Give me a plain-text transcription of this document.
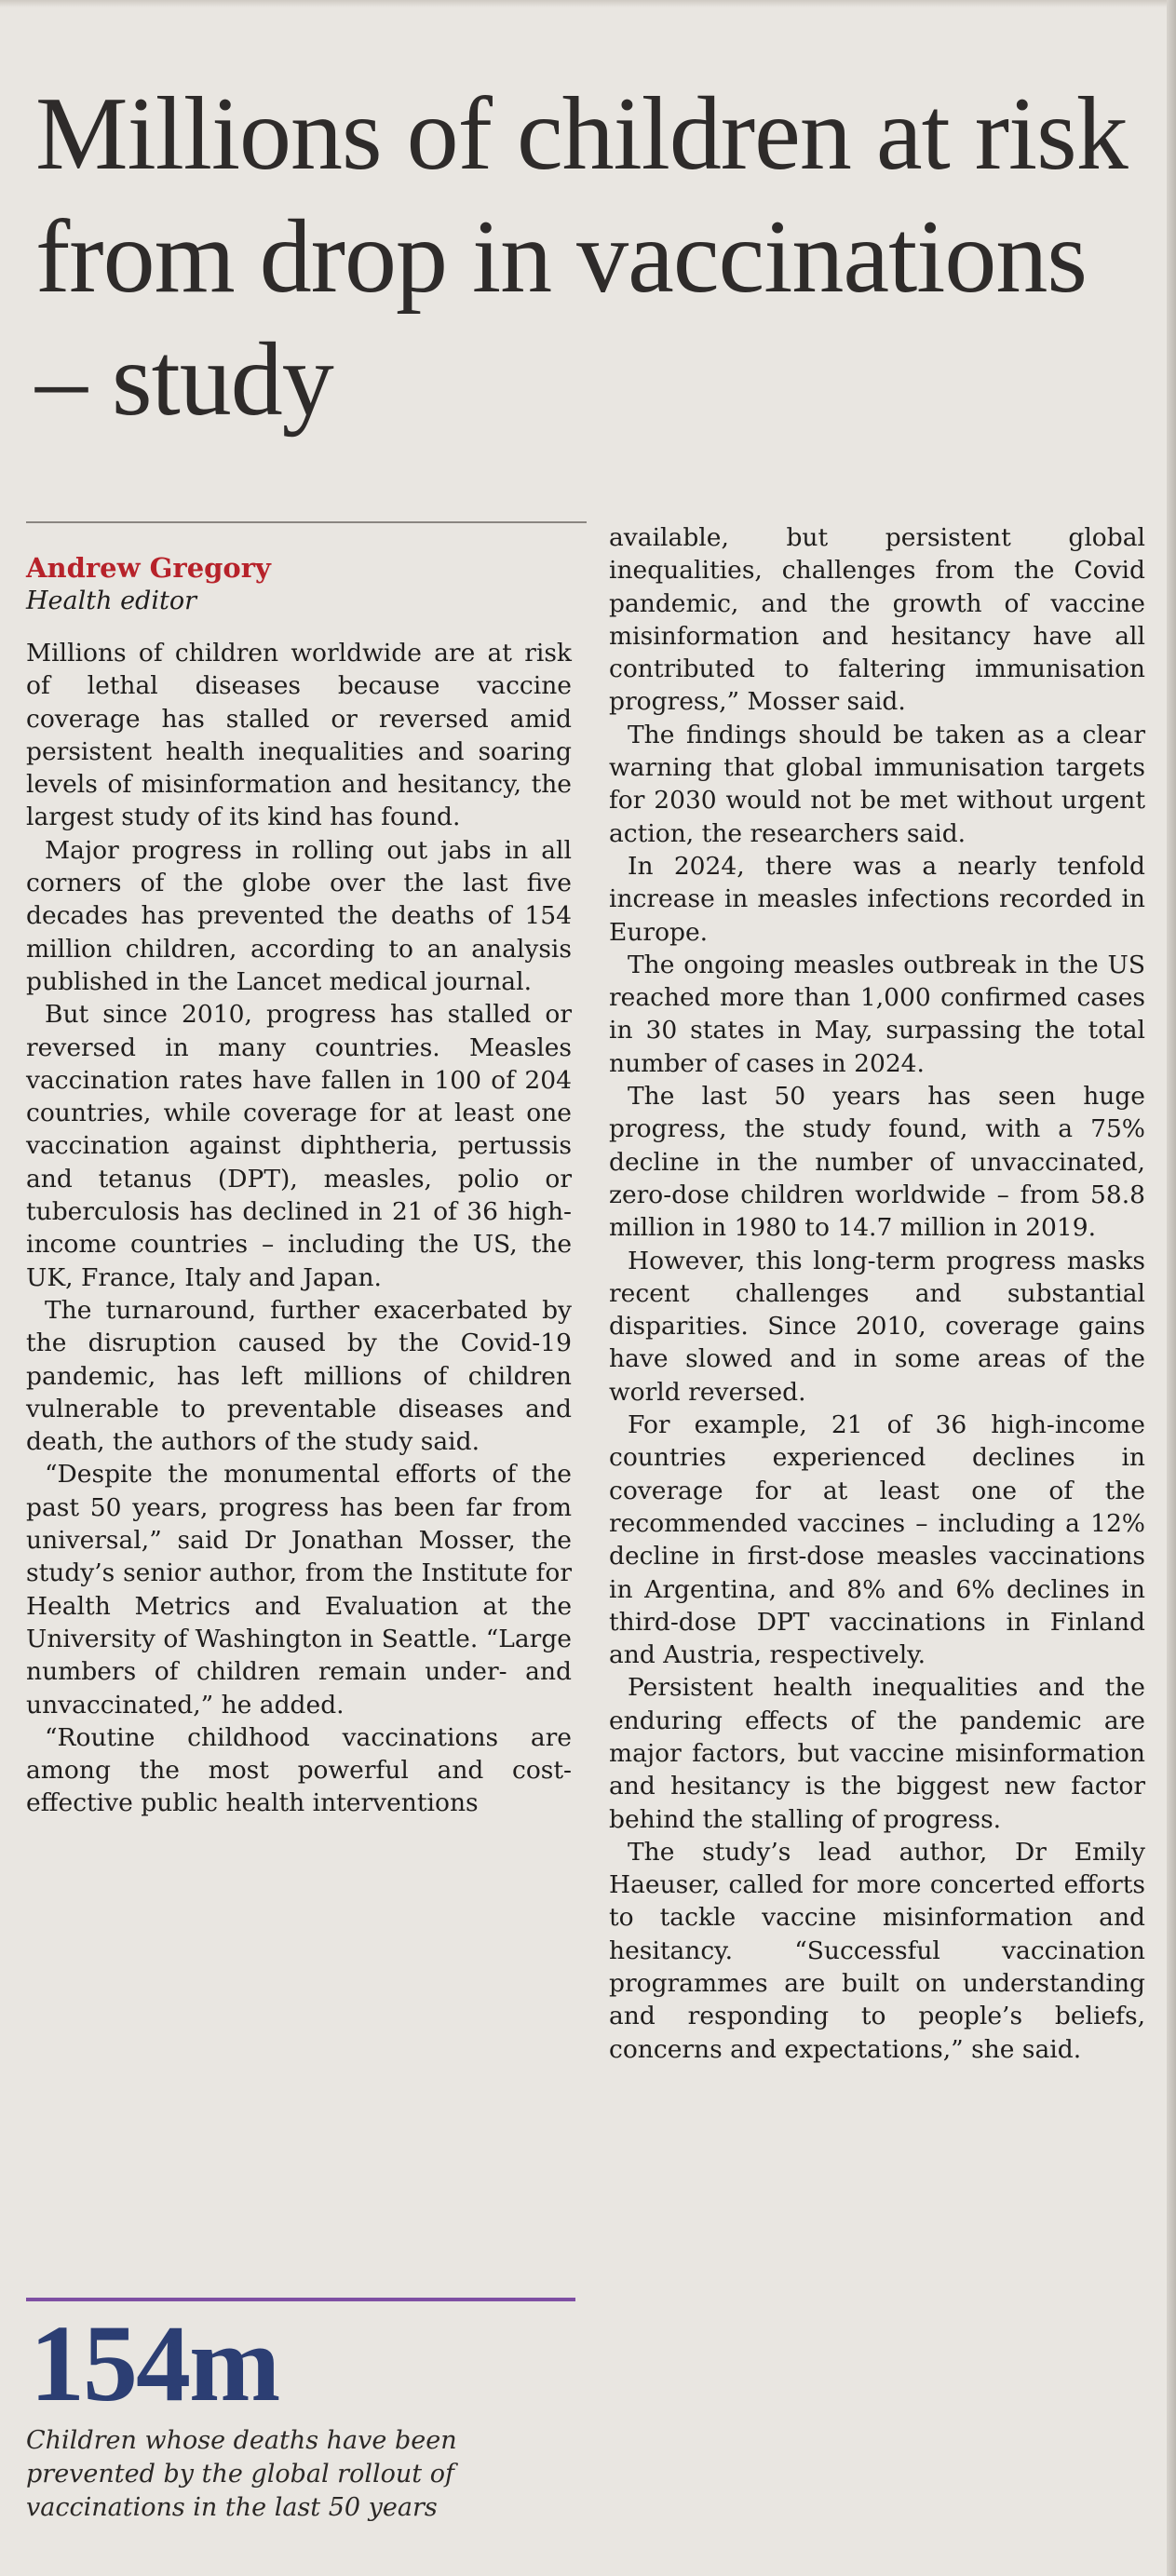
Millions of children at risk from drop in vaccinations – study

Andrew Gregory

Health editor

Millions of children worldwide are at risk of lethal diseases because vaccine coverage has stalled or reversed amid persistent health inequalities and soaring levels of misinformation and hesitancy, the largest study of its kind has found.

Major progress in rolling out jabs in all corners of the globe over the last five decades has prevented the deaths of 154 million children, according to an analysis published in the Lancet medical journal.

But since 2010, progress has stalled or reversed in many countries. Measles vaccination rates have fallen in 100 of 204 countries, while coverage for at least one vaccination against diphtheria, pertussis and tetanus (DPT), measles, polio or tuberculosis has declined in 21 of 36 high-income countries – including the US, the UK, France, Italy and Japan.

The turnaround, further exacerbated by the disruption caused by the Covid-19 pandemic, has left millions of children vulnerable to preventable diseases and death, the authors of the study said.

“Despite the monumental efforts of the past 50 years, progress has been far from universal,” said Dr Jonathan Mosser, the study’s senior author, from the Institute for Health Metrics and Evaluation at the University of Washington in Seattle. “Large numbers of children remain under- and unvaccinated,” he added.

“Routine childhood vaccinations are among the most powerful and cost-effective public health interventions

available, but persistent global inequalities, challenges from the Covid pandemic, and the growth of vaccine misinformation and hesitancy have all contributed to faltering immunisation progress,” Mosser said.

The findings should be taken as a clear warning that global immunisation targets for 2030 would not be met without urgent action, the researchers said.

In 2024, there was a nearly tenfold increase in measles infections recorded in Europe.

The ongoing measles outbreak in the US reached more than 1,000 confirmed cases in 30 states in May, surpassing the total number of cases in 2024.

The last 50 years has seen huge progress, the study found, with a 75% decline in the number of unvaccinated, zero-dose children worldwide – from 58.8 million in 1980 to 14.7 million in 2019.

However, this long-term progress masks recent challenges and substantial disparities. Since 2010, coverage gains have slowed and in some areas of the world reversed.

For example, 21 of 36 high-income countries experienced declines in coverage for at least one of the recommended vaccines – including a 12% decline in first-dose measles vaccinations in Argentina, and 8% and 6% declines in third-dose DPT vaccinations in Finland and Austria, respectively.

Persistent health inequalities and the enduring effects of the pandemic are major factors, but vaccine misinformation and hesitancy is the biggest new factor behind the stalling of progress.

The study’s lead author, Dr Emily Haeuser, called for more concerted efforts to tackle vaccine misinformation and hesitancy. “Successful vaccination programmes are built on understanding and responding to people’s beliefs, concerns and expectations,” she said.

154m

Children whose deaths have been prevented by the global rollout of vaccinations in the last 50 years
